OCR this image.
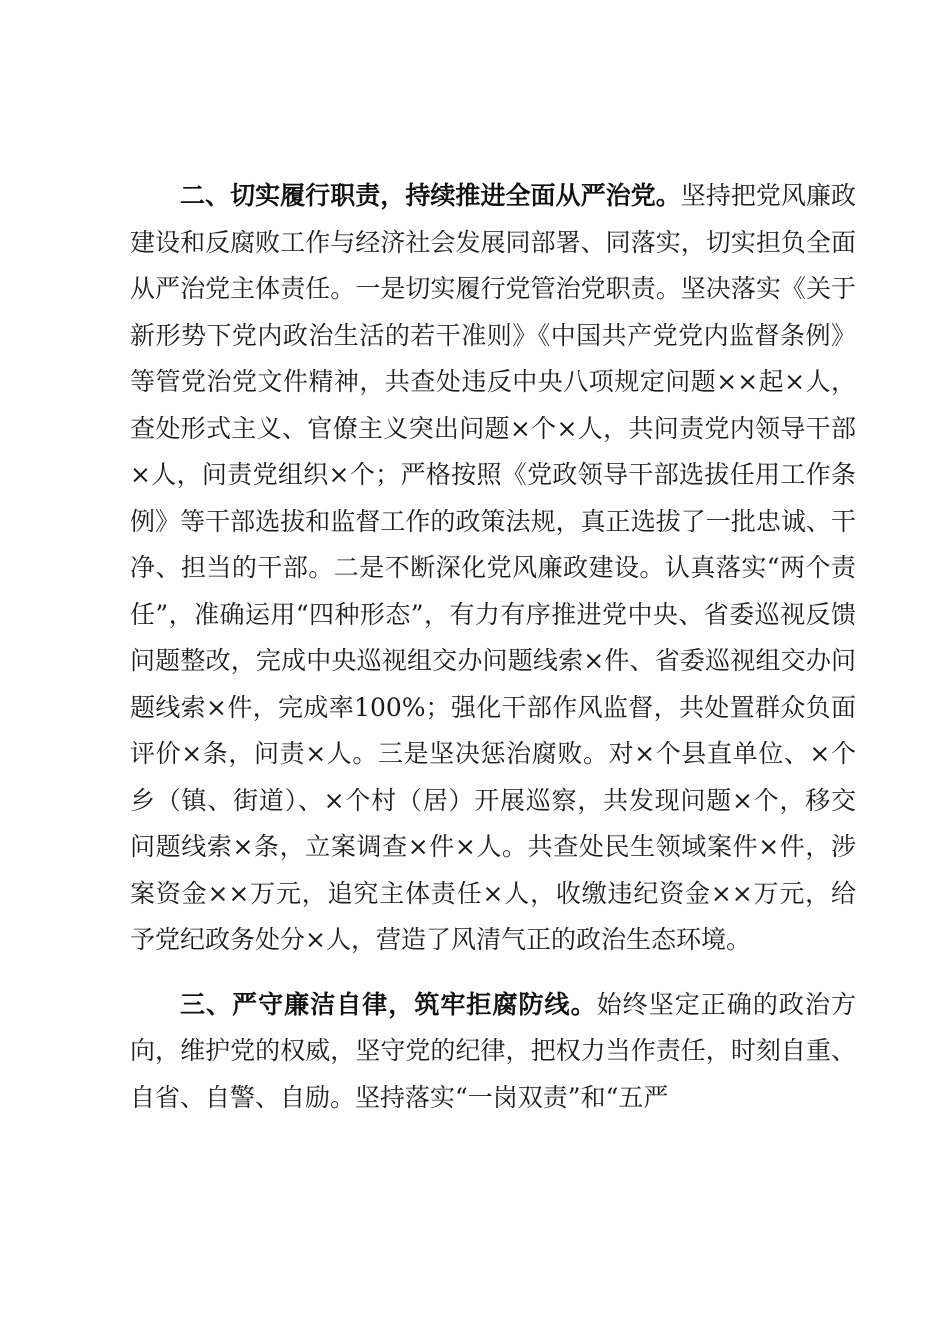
二、切实履行职责，持续推进全面从严治党。坚持把党风廉政建设和反腐败工作与经济社会发展同部署、同落实，切实担负全面从严治党主体责任。一是切实履行党管治党职责。坚决落实《关于新形势下党内政治生活的若干准则》《中国共产党党内监督条例》等管党治党文件精神，共查处违反中央八项规定问题××起×人，查处形式主义、官僚主义突出问题×个×人，共问责党内领导干部×人，问责党组织×个；严格按照《党政领导干部选拔任用工作条例》等干部选拔和监督工作的政策法规，真正选拔了一批忠诚、干净、担当的干部。二是不断深化党风廉政建设。认真落实“两个责任”，准确运用“四种形态”，有力有序推进党中央、省委巡视反馈问题整改，完成中央巡视组交办问题线索×件、省委巡视组交办问题线索×件，完成率100%；强化干部作风监督，共处置群众负面评价×条，问责×人。三是坚决惩治腐败。对×个县直单位、×个乡（镇、街道）、×个村（居）开展巡察，共发现问题×个，移交问题线索×条，立案调查×件×人。共查处民生领域案件×件，涉案资金××万元，追究主体责任×人，收缴违纪资金××万元，给予党纪政务处分×人，营造了风清气正的政治生态环境。

三、严守廉洁自律，筑牢拒腐防线。始终坚定正确的政治方向，维护党的权威，坚守党的纪律，把权力当作责任，时刻自重、自省、自警、自励。坚持落实“一岗双责”和“五严
